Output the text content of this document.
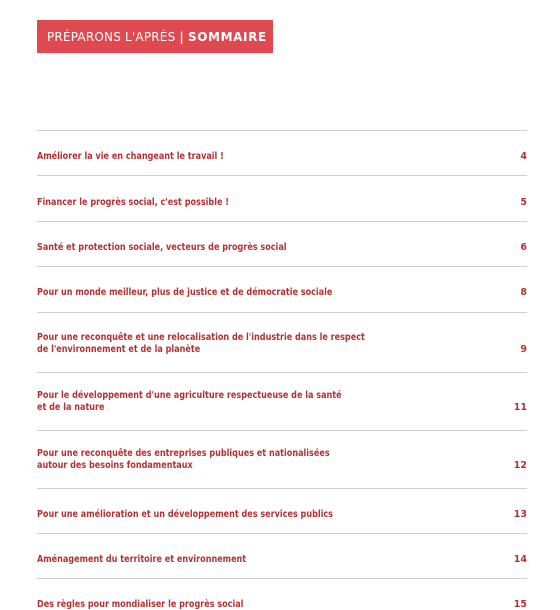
PRÉPARONS L'APRÈS | SOMMAIRE
Améliorer la vie en changeant le travail !	4
Financer le progrès social, c'est possible !	5
Santé et protection sociale, vecteurs de progrès social	6
Pour un monde meilleur, plus de justice et de démocratie sociale	8
Pour une reconquête et une relocalisation de l'industrie dans le respect
de l'environnement et de la planète	9
Pour le développement d'une agriculture respectueuse de la santé
et de la nature	11
Pour une reconquête des entreprises publiques et nationalisées
autour des besoins fondamentaux	12
Pour une amélioration et un développement des services publics	13
Aménagement du territoire et environnement	14
Des règles pour mondialiser le progrès social	15
